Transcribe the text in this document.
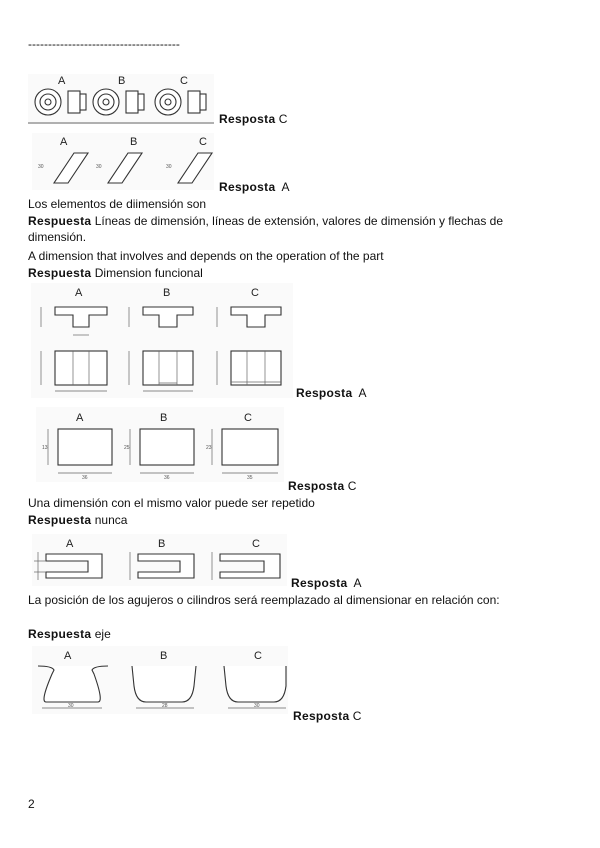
--------------------------------------
A	B	C
Resposta C
A	B	C
30	30	30
Resposta A
Los elementos de diimensión son
Respuesta Líneas de dimensión, líneas de extensión, valores de dimensión y flechas de dimensión.
A dimension that involves and depends on the operation of the part
Respuesta Dimension funcional
A	B	C
Resposta A
A	B	C
13	25	23
36	36	35
Resposta C
Una dimensión con el mismo valor puede ser repetido
Respuesta nunca
A	B	C
Resposta A
La posición de los agujeros o cilindros será reemplazado al dimensionar en relación con:
Respuesta eje
A	B	C
30	28	30
Resposta C
2
